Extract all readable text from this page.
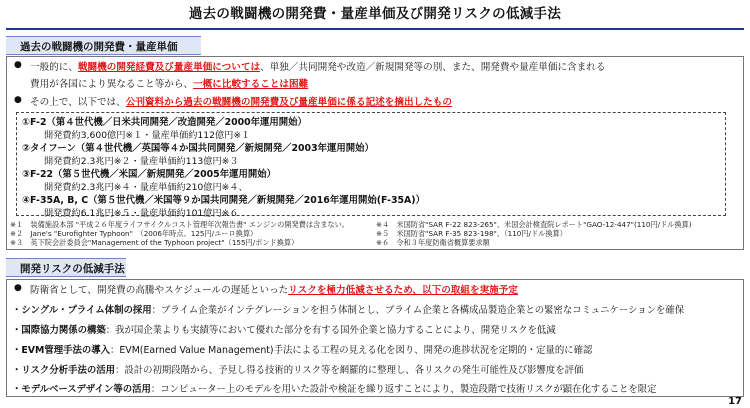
過去の戦闘機の開発費・量産単価及び開発リスクの低減手法
過去の戦闘機の開発費・量産単価
● 一般的に、戦闘機の開発経費及び量産単価については、単独／共同開発や改造／新規開発等の別、また、開発費や量産単価に含まれる
費用が各国により異なること等から、一概に比較することは困難
● その上で、以下では、公刊資料から過去の戦闘機の開発費及び量産単価に係る記述を摘出したもの
①F-2（第４世代機／日米共同開発／改造開発／2000年運用開始）
開発費約3,600億円※１・量産単価約112億円※１
②タイフーン（第４世代機／英国等４か国共同開発／新規開発／2003年運用開始）
開発費約2.3兆円※２・量産単価約113億円※３
③F-22（第５世代機／米国／新規開発／2005年運用開始）
開発費約2.3兆円※４・量産単価約210億円※４、
④F-35A, B, C（第５世代機／米国等９か国共同開発／新規開発／2016年運用開始(F-35A)）
開発費約6.1兆円※５・量産単価約101億円※６
※１　装備施設本部 "平成２６年度ライフサイクルコスト管理年次報告書" エンジンの開発費は含まない。
※２　Jane's "Eurofighter Typhoon"　（2006年時点、125円/ユーロ換算）
※３　英下院会計委員会"Management of the Typhoon project"（155円/ポンド換算）
※４　米国防省"SAR F-22 823-265"、米国会計検査院レポート"GAO-12-447"(110円/ドル換算)
※５　米国防省"SAR F-35 823-198"、（110円/ドル換算）
※６　令和３年度防衛省概算要求額
開発リスクの低減手法
● 防衛省として、開発費の高騰やスケジュールの遅延といったリスクを極力低減させるため、以下の取組を実施予定
・シングル・プライム体制の採用：プライム企業がインテグレーションを担う体制とし、プライム企業と各構成品製造企業との緊密なコミュニケーションを確保
・国際協力関係の構築：我が国企業よりも実績等において優れた部分を有する国外企業と協力することにより、開発リスクを低減
・EVM管理手法の導入：EVM(Earned Value Management)手法による工程の見える化を図り、開発の進捗状況を定期的・定量的に確認
・リスク分析手法の活用：設計の初期段階から、予見し得る技術的リスク等を網羅的に整理し、各リスクの発生可能性及び影響度を評価
・モデルベースデザイン等の活用：コンピューター上のモデルを用いた設計や検証を繰り返すことにより、製造段階で技術リスクが顕在化することを限定
17
